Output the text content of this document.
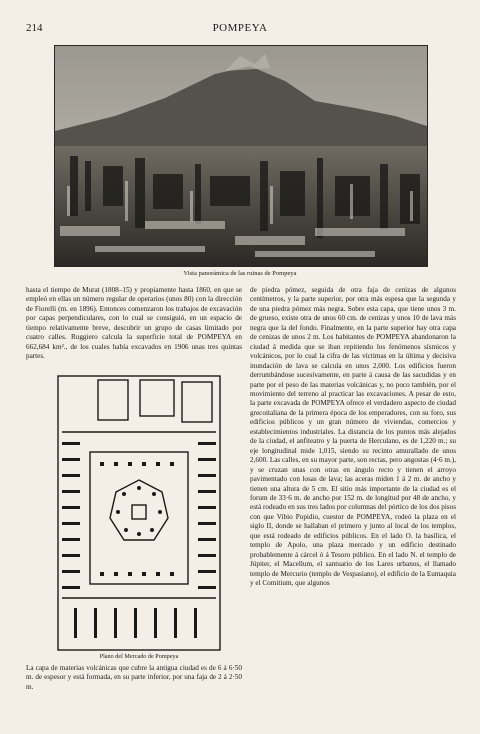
214	POMPEYA
Vista panorámica de las ruinas de Pompeya

hasta el tiempo de Murat (1808–15) y propiamente hasta 1860, en que se empleó en ellas un número regular de operarios (unos 80) con la dirección de Fiorelli (m. en 1896). Entonces comenzaron los trabajos de excavación por capas perpendiculares, con lo cual se consiguió, en un espacio de tiempo relativamente breve, descubrir un grupo de casas limitado por cuatro calles. Ruggiero calcula la superficie total de POMPEYA en 662,684 km²., de los cuales había excavados en 1906 unas tres quintas partes.

Plano del Mercado de Pompeya

La capa de materias volcánicas que cubre la antigua ciudad es de 6 á 6·50 m. de espesor y está formada, en su parte inferior, por una faja de 2 á 2·50 m.

de piedra pómez, seguida de otra faja de cenizas de algunos centímetros, y la parte superior, por otra más espesa que la segunda y de una piedra pómez más negra. Sobre esta capa, que tiene unos 3 m. de grueso, existe otra de unos 60 cm. de cenizas y unos 10 de lava más negra que la del fondo. Finalmente, en la parte superior hay otra capa de cenizas de unos 2 m. Los habitantes de POMPEYA abandonaron la ciudad á medida que se iban repitiendo los fenómenos sísmicos y volcánicos, por lo cual la cifra de las víctimas en la última y decisiva inundación de lava se calcula en unos 2,000. Los edificios fueron derrumbándose sucesivamente, en parte á causa de las sacudidas y en parte por el peso de las materias volcánicas y, no poco también, por el movimiento del terreno al practicar las excavaciones. A pesar de esto, la parte excavada de POMPEYA ofrece el verdadero aspecto de ciudad grecoitaliana de la primera época de los emperadores, con su foro, sus edificios públicos y un gran número de viviendas, comercios y establecimientos industriales. La distancia de los puntos más alejados de la ciudad, el anfiteatro y la puerta de Herculano, es de 1,220 m.; su eje longitudinal mide 1,015, siendo su recinto amurallado de unos 2,600. Las calles, en su mayor parte, son rectas, pero angostas (4·6 m.), y se cruzan unas con otras en ángulo recto y tienen el arroyo pavimentado con losas de lava; las aceras miden 1 á 2 m. de ancho y tienen una altura de 5 cm. El sitio más importante de la ciudad es el forum de 33·6 m. de ancho por 152 m. de longitud por 48 de ancho, y está rodeado en sus tres lados por columnas del pórtico de los dos pisos con que Vibio Popidio, cuestor de POMPEYA, rodeó la plaza en el siglo II, donde se hallaban el primero y junto al local de los templos, que está rodeado de edificios públicos. En el lado O. la basílica, el templo de Apolo, una plaza mercado y un edificio destinado probablemente á cárcel ó á Tesoro público. En el lado N. el templo de Júpiter, el Macellum, el santuario de los Lares urbanos, el llamado templo de Mercurio (templo de Vespasiano), el edificio de la Eumaquia y el Comitium, que algunos
